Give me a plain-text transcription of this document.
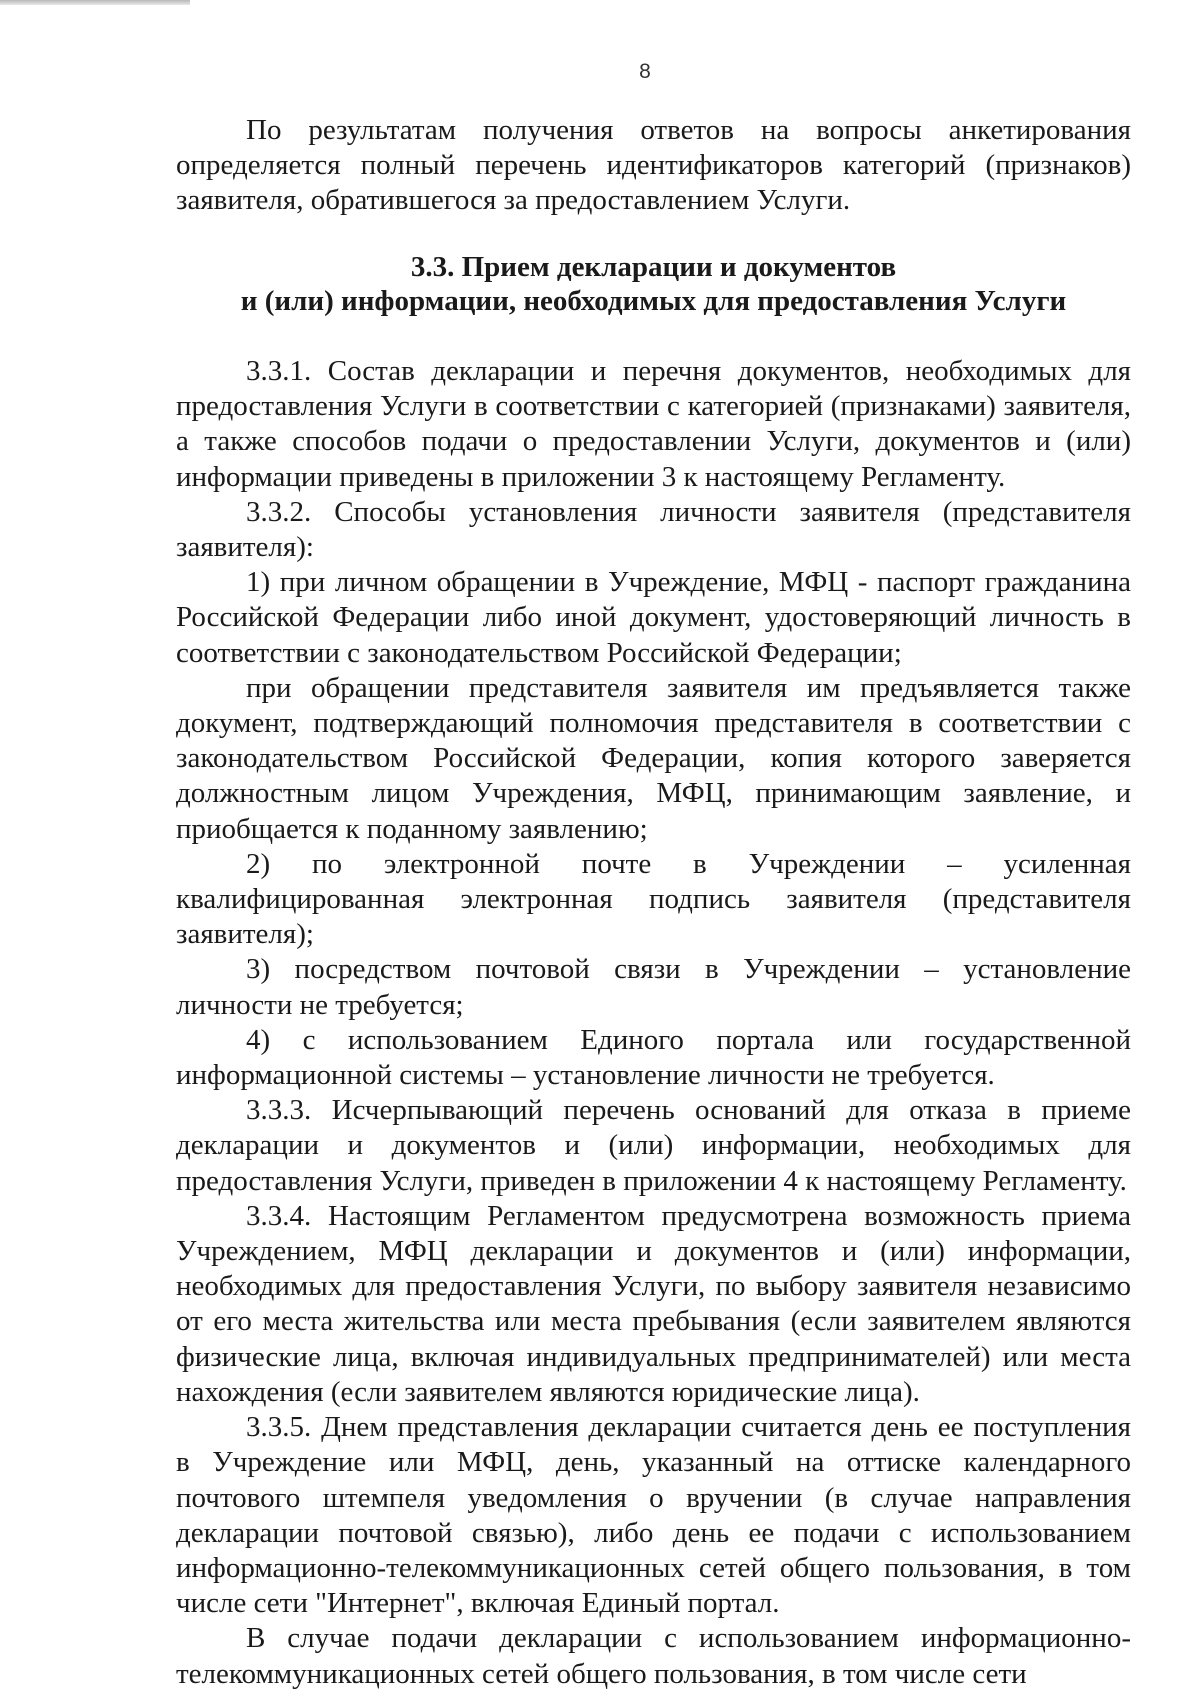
8

По результатам получения ответов на вопросы анкетирования определяется полный перечень идентификаторов категорий (признаков) заявителя, обратившегося за предоставлением Услуги.

3.3. Прием декларации и документов
и (или) информации, необходимых для предоставления Услуги

3.3.1. Состав декларации и перечня документов, необходимых для предоставления Услуги в соответствии с категорией (признаками) заявителя, а также способов подачи о предоставлении Услуги, документов и (или) информации приведены в приложении 3 к настоящему Регламенту.

3.3.2. Способы установления личности заявителя (представителя заявителя):

1) при личном обращении в Учреждение, МФЦ - паспорт гражданина Российской Федерации либо иной документ, удостоверяющий личность в соответствии с законодательством Российской Федерации;

при обращении представителя заявителя им предъявляется также документ, подтверждающий полномочия представителя в соответствии с законодательством Российской Федерации, копия которого заверяется должностным лицом Учреждения, МФЦ, принимающим заявление, и приобщается к поданному заявлению;

2) по электронной почте в Учреждении – усиленная квалифицированная электронная подпись заявителя (представителя заявителя);

3) посредством почтовой связи в Учреждении – установление личности не требуется;

4) с использованием Единого портала или государственной информационной системы – установление личности не требуется.

3.3.3. Исчерпывающий перечень оснований для отказа в приеме декларации и документов и (или) информации, необходимых для предоставления Услуги, приведен в приложении 4 к настоящему Регламенту.

3.3.4. Настоящим Регламентом предусмотрена возможность приема Учреждением, МФЦ декларации и документов и (или) информации, необходимых для предоставления Услуги, по выбору заявителя независимо от его места жительства или места пребывания (если заявителем являются физические лица, включая индивидуальных предпринимателей) или места нахождения (если заявителем являются юридические лица).

3.3.5. Днем представления декларации считается день ее поступления в Учреждение или МФЦ, день, указанный на оттиске календарного почтового штемпеля уведомления о вручении (в случае направления декларации почтовой связью), либо день ее подачи с использованием информационно-телекоммуникационных сетей общего пользования, в том числе сети "Интернет", включая Единый портал.

В случае подачи декларации с использованием информационно-телекоммуникационных сетей общего пользования, в том числе сети
